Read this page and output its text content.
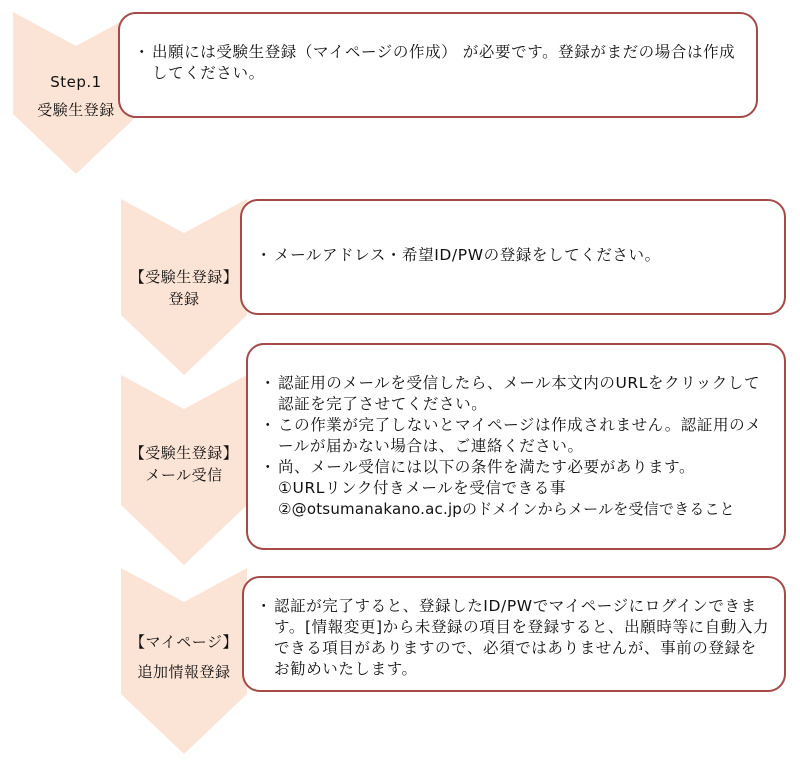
Step.1
受験生登録
・ 出願には受験生登録（マイページの作成） が必要です。登録がまだの場合は作成してください。
【受験生登録】
登録
・ メールアドレス・希望ID/PWの登録をしてください。
【受験生登録】
メール受信
・ 認証用のメールを受信したら、メール本文内のURLをクリックして認証を完了させてください。
・ この作業が完了しないとマイページは作成されません。認証用のメールが届かない場合は、ご連絡ください。
・ 尚、メール受信には以下の条件を満たす必要があります。
①URLリンク付きメールを受信できる事
②@otsumanakano.ac.jpのドメインからメールを受信できること
【マイページ】
追加情報登録
・ 認証が完了すると、登録したID/PWでマイページにログインできます。[情報変更]から未登録の項目を登録すると、出願時等に自動入力できる項目がありますので、必須ではありませんが、事前の登録をお勧めいたします。
